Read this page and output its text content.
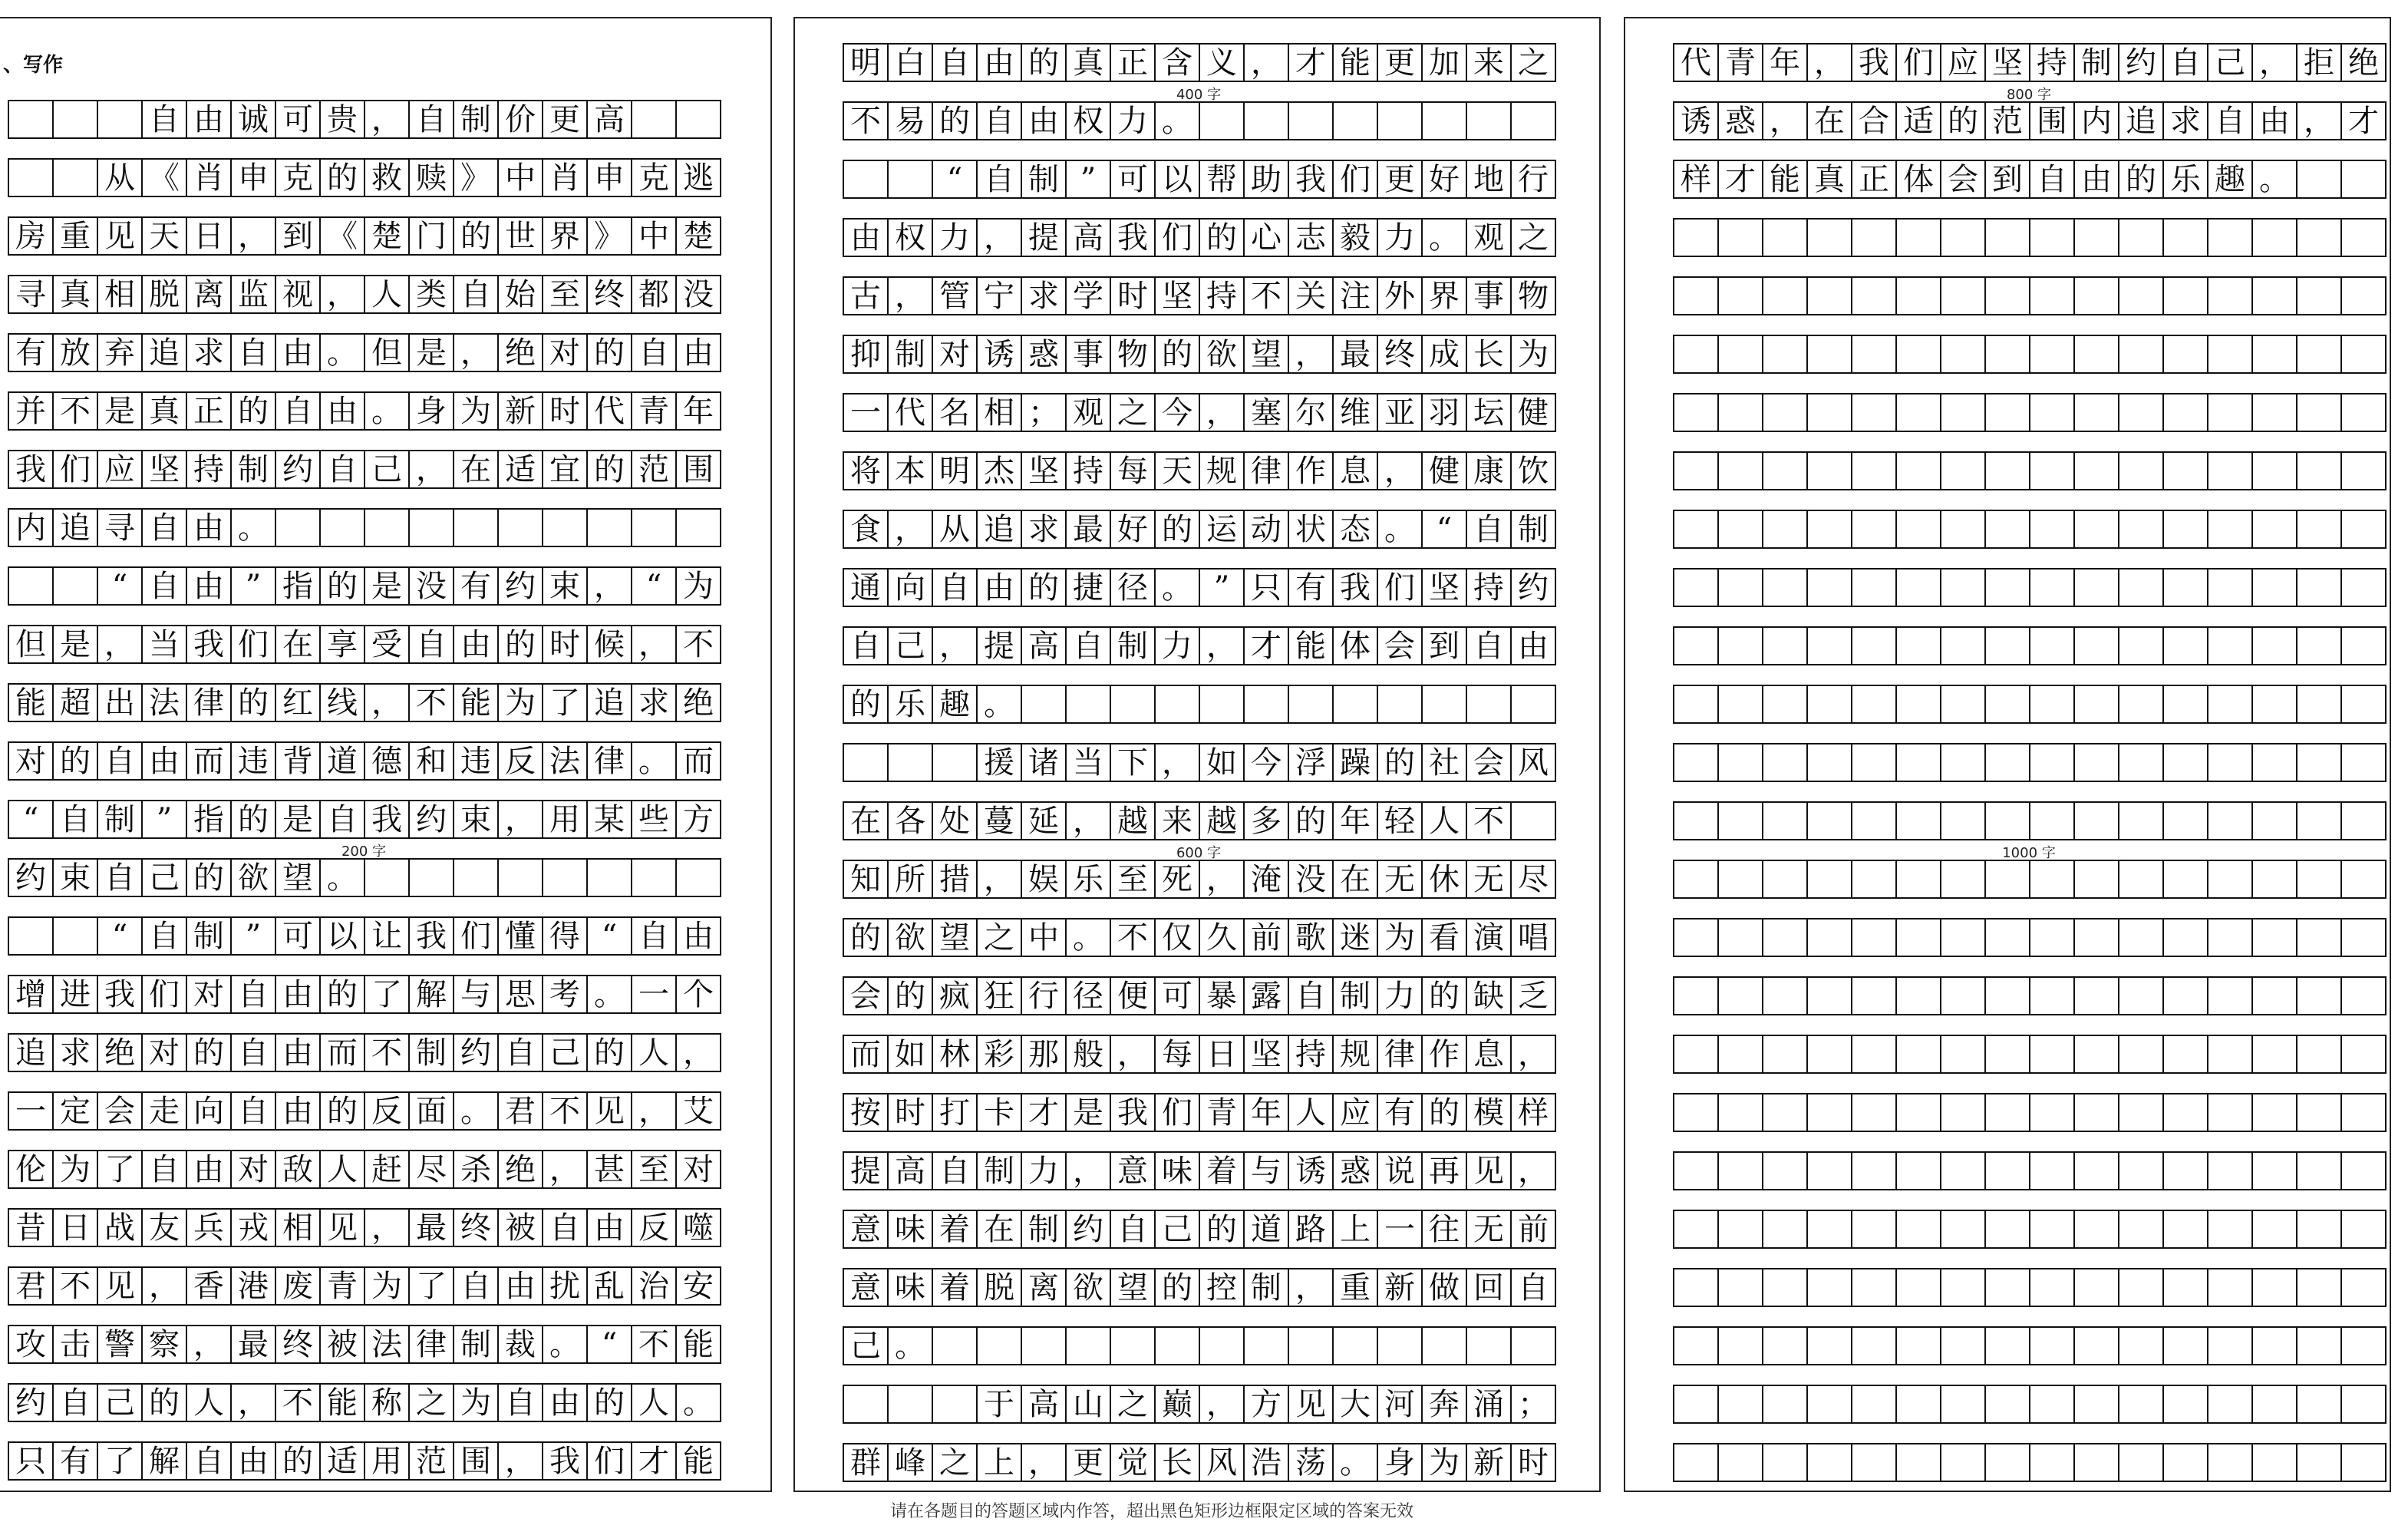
、写作
自 由 诚 可 贵 ， 自 制 价 更 高
从 《 肖 申 克 的 救 赎 》 中 肖 申 克 逃
房 重 见 天 日 ， 到 《 楚 门 的 世 界 》 中 楚
寻 真 相 脱 离 监 视 ， 人 类 自 始 至 终 都 没
有 放 弃 追 求 自 由 。 但 是 ， 绝 对 的 自 由
并 不 是 真 正 的 自 由 。 身 为 新 时 代 青 年
我 们 应 坚 持 制 约 自 己 ， 在 适 宜 的 范 围
内 追 寻 自 由 。
“ 自 由 ” 指 的 是 没 有 约 束 ， “ 为
但 是 ， 当 我 们 在 享 受 自 由 的 时 候 ， 不
能 超 出 法 律 的 红 线 ， 不 能 为 了 追 求 绝
对 的 自 由 而 违 背 道 德 和 违 反 法 律 。 而
“ 自 制 ” 指 的 是 自 我 约 束 ， 用 某 些 方
约 束 自 己 的 欲 望 。
“ 自 制 ” 可 以 让 我 们 懂 得 “ 自 由
增 进 我 们 对 自 由 的 了 解 与 思 考 。 一 个
追 求 绝 对 的 自 由 而 不 制 约 自 己 的 人 ，
一 定 会 走 向 自 由 的 反 面 。 君 不 见 ， 艾
伦 为 了 自 由 对 敌 人 赶 尽 杀 绝 ， 甚 至 对
昔 日 战 友 兵 戎 相 见 ， 最 终 被 自 由 反 噬
君 不 见 ， 香 港 废 青 为 了 自 由 扰 乱 治 安
攻 击 警 察 ， 最 终 被 法 律 制 裁 。 “ 不 能
约 自 己 的 人 ， 不 能 称 之 为 自 由 的 人 。
只 有 了 解 自 由 的 适 用 范 围 ， 我 们 才 能
200 字
明 白 自 由 的 真 正 含 义 ， 才 能 更 加 来 之
不 易 的 自 由 权 力 。
“ 自 制 ” 可 以 帮 助 我 们 更 好 地 行
由 权 力 ， 提 高 我 们 的 心 志 毅 力 。 观 之
古 ， 管 宁 求 学 时 坚 持 不 关 注 外 界 事 物
抑 制 对 诱 惑 事 物 的 欲 望 ， 最 终 成 长 为
一 代 名 相 ； 观 之 今 ， 塞 尔 维 亚 羽 坛 健
将 本 明 杰 坚 持 每 天 规 律 作 息 ， 健 康 饮
食 ， 从 追 求 最 好 的 运 动 状 态 。 “ 自 制
通 向 自 由 的 捷 径 。 ” 只 有 我 们 坚 持 约
自 己 ， 提 高 自 制 力 ， 才 能 体 会 到 自 由
的 乐 趣 。
援 诸 当 下 ， 如 今 浮 躁 的 社 会 风
在 各 处 蔓 延 ， 越 来 越 多 的 年 轻 人 不
知 所 措 ， 娱 乐 至 死 ， 淹 没 在 无 休 无 尽
的 欲 望 之 中 。 不 仅 久 前 歌 迷 为 看 演 唱
会 的 疯 狂 行 径 便 可 暴 露 自 制 力 的 缺 乏
而 如 林 彩 那 般 ， 每 日 坚 持 规 律 作 息 ，
按 时 打 卡 才 是 我 们 青 年 人 应 有 的 模 样
提 高 自 制 力 ， 意 味 着 与 诱 惑 说 再 见 ，
意 味 着 在 制 约 自 己 的 道 路 上 一 往 无 前
意 味 着 脱 离 欲 望 的 控 制 ， 重 新 做 回 自
己 。
于 高 山 之 巅 ， 方 见 大 河 奔 涌 ；
群 峰 之 上 ， 更 觉 长 风 浩 荡 。 身 为 新 时
400 字
600 字
代 青 年 ， 我 们 应 坚 持 制 约 自 己 ， 拒 绝
诱 惑 ， 在 合 适 的 范 围 内 追 求 自 由 ， 才
样 才 能 真 正 体 会 到 自 由 的 乐 趣 。
800 字
1000 字
请在各题目的答题区域内作答，超出黑色矩形边框限定区域的答案无效
